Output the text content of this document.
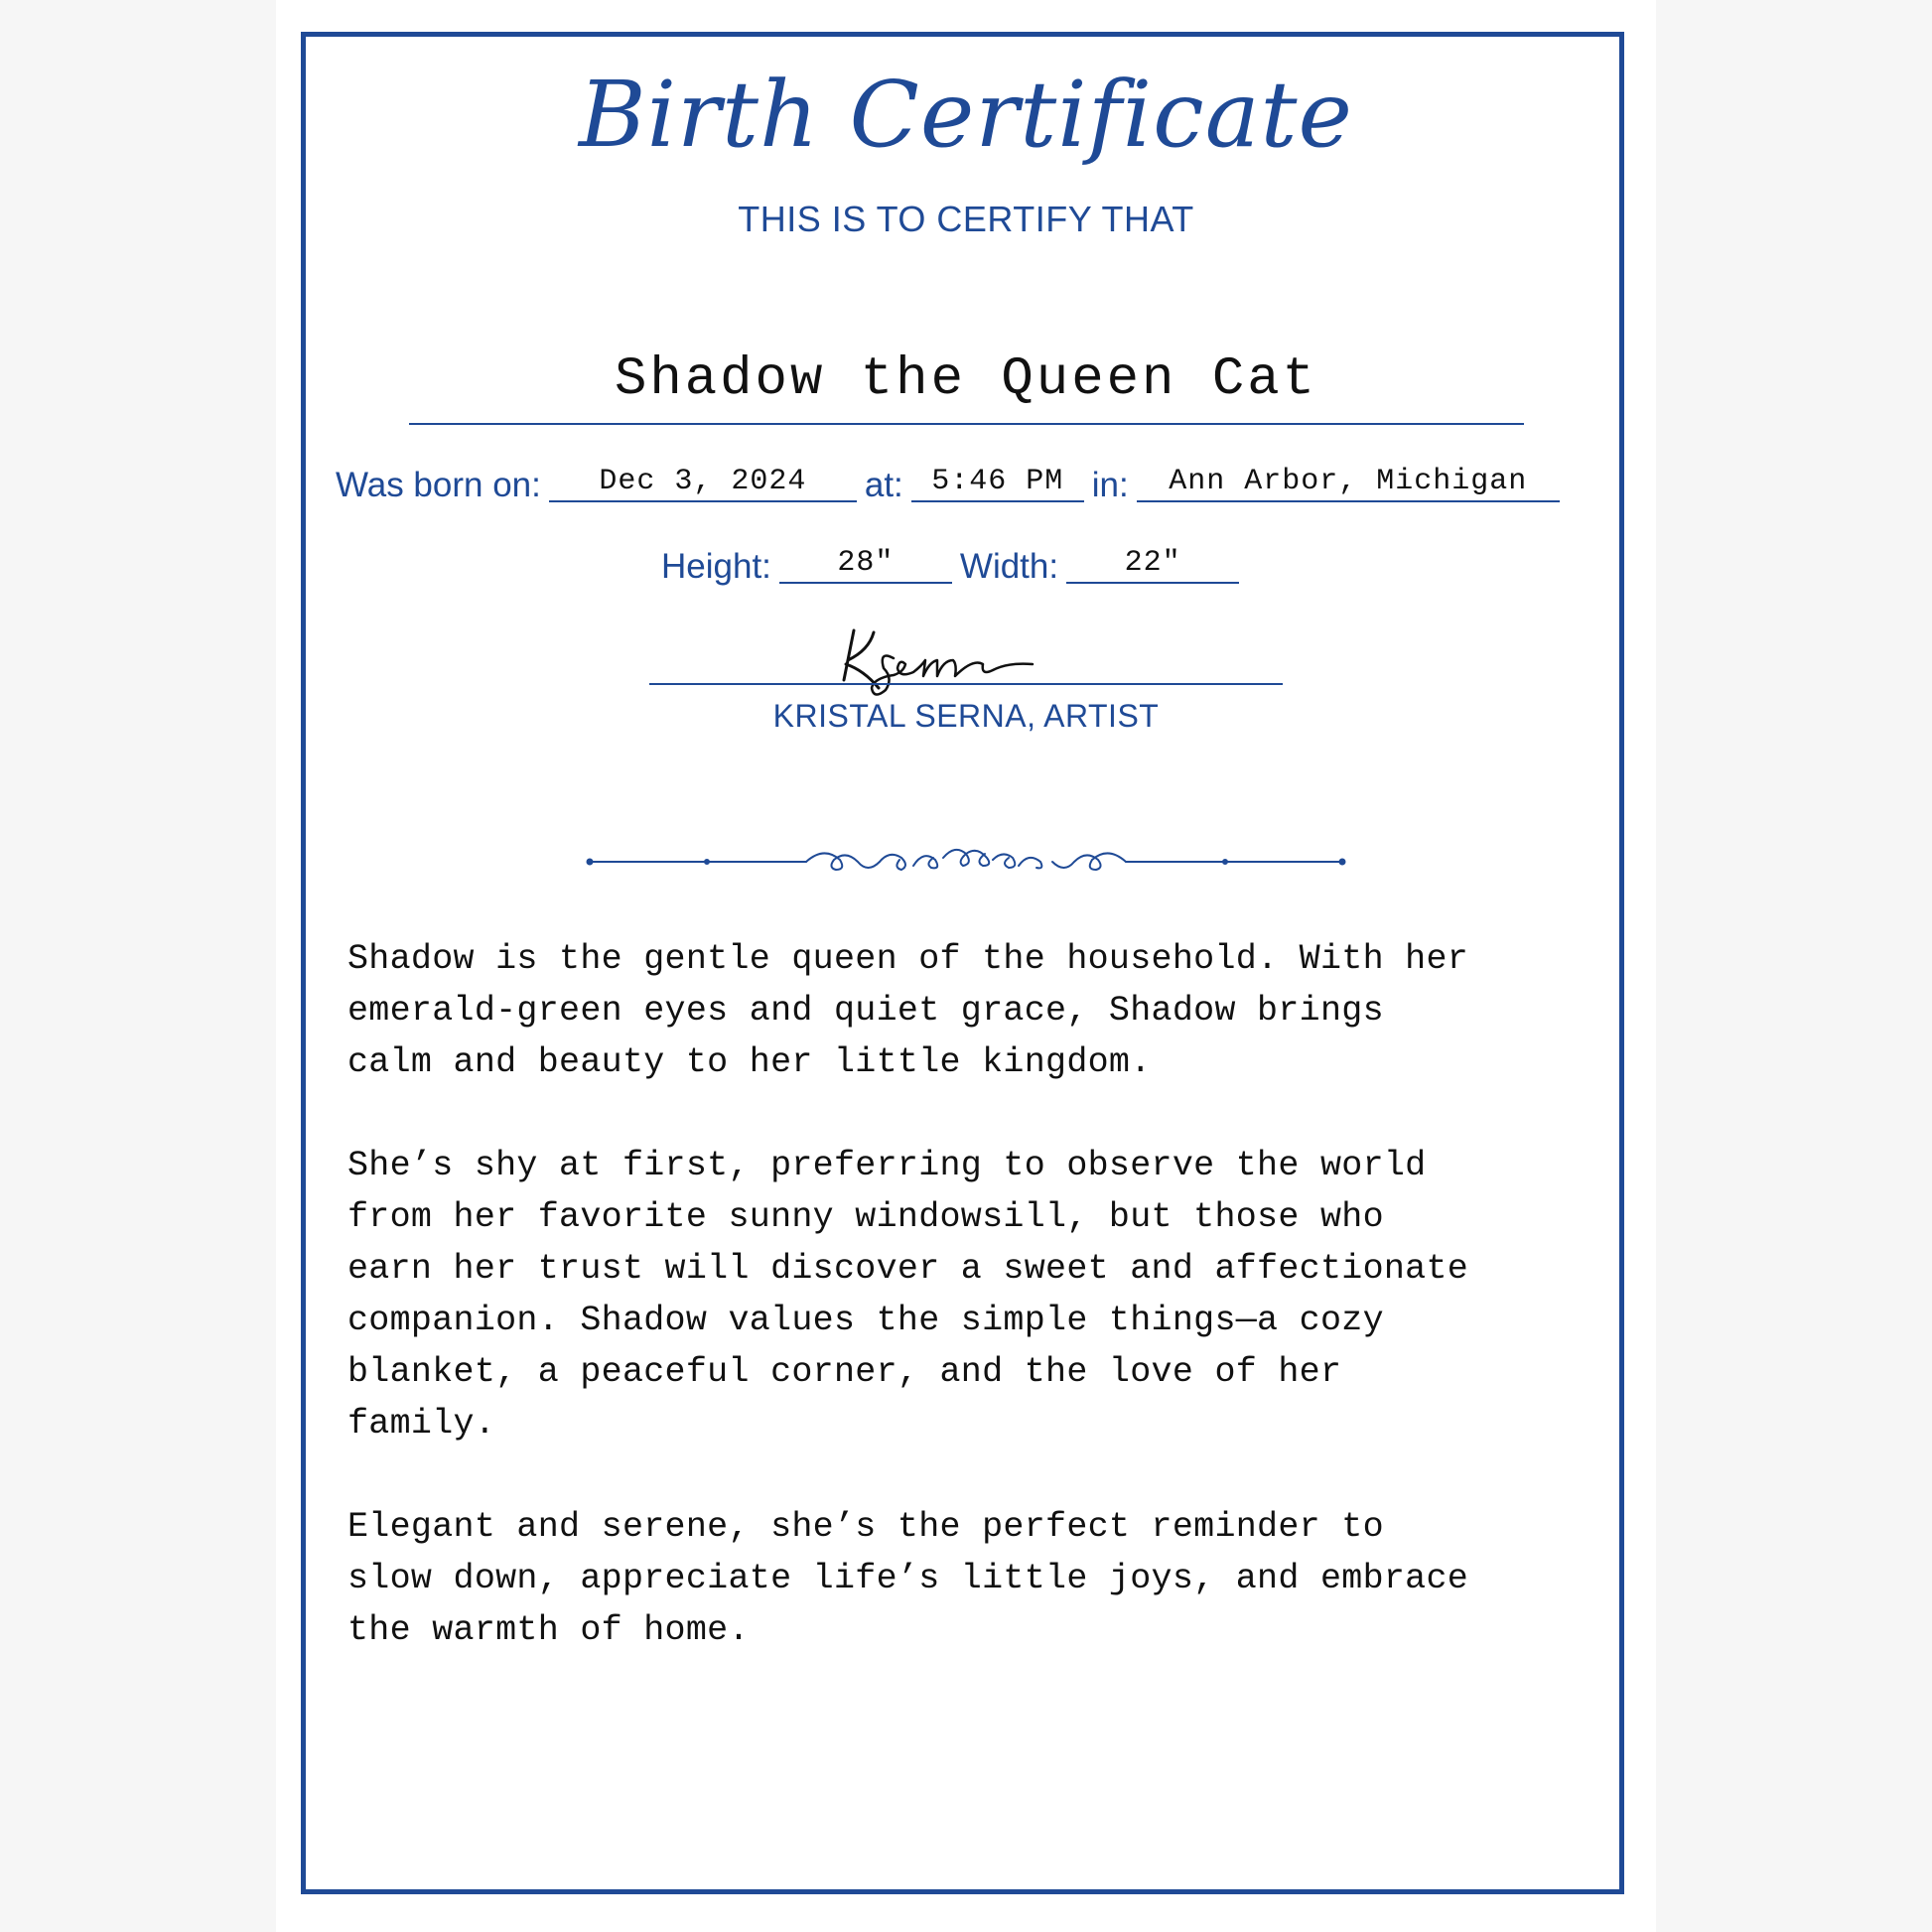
Birth Certificate
THIS IS TO CERTIFY THAT
Shadow the Queen Cat
Was born on:	Dec 3, 2024	at: 5:46 PM in:	Ann Arbor, Michigan
Height:	28"	Width:	22"
KRISTAL SERNA, ARTIST

Shadow is the gentle queen of the household. With her
emerald-green eyes and quiet grace, Shadow brings
calm and beauty to her little kingdom.

She’s shy at first, preferring to observe the world
from her favorite sunny windowsill, but those who
earn her trust will discover a sweet and affectionate
companion. Shadow values the simple things—a cozy
blanket, a peaceful corner, and the love of her
family.

Elegant and serene, she’s the perfect reminder to
slow down, appreciate life’s little joys, and embrace
the warmth of home.
